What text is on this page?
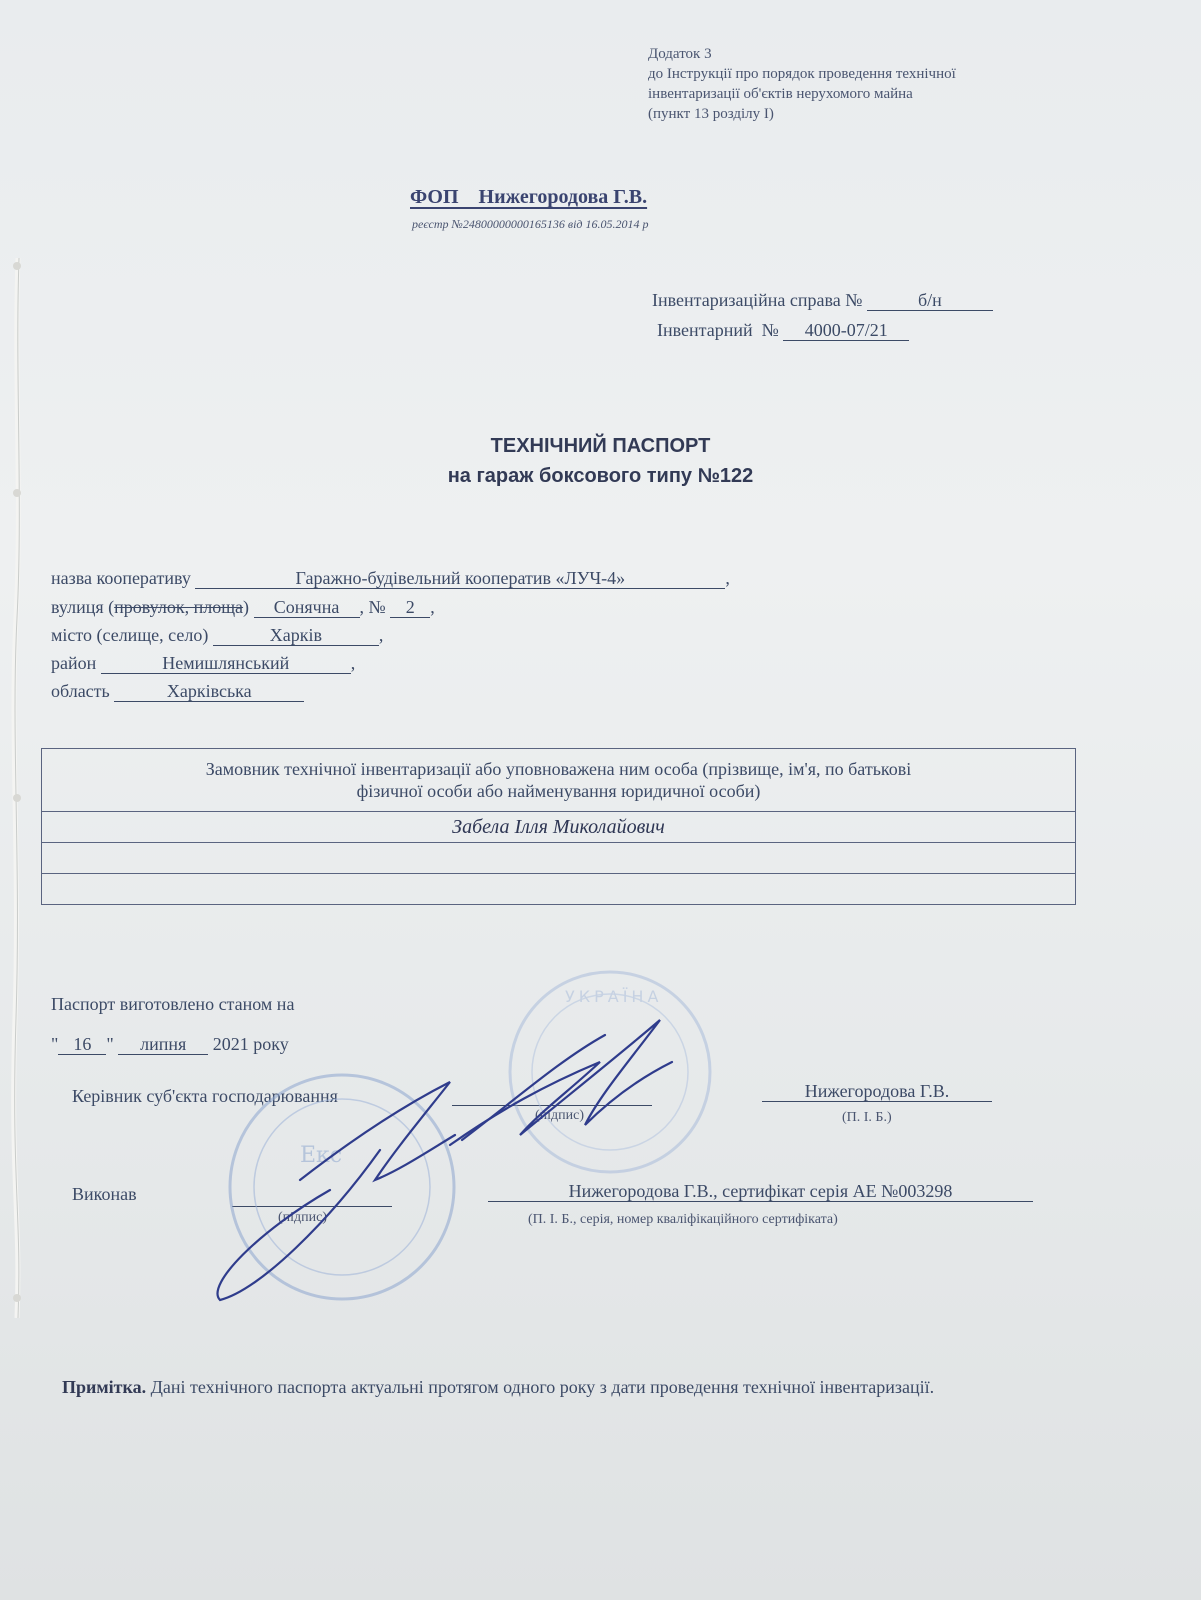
Додаток 3
до Інструкції про порядок проведення технічної
інвентаризації об'єктів нерухомого майна
(пункт 13 розділу І)
ФОП    Нижегородова Г.В.
реєстр №24800000000165136 від 16.05.2014 р
Інвентаризаційна справа №	б/н
Інвентарний  № 4000-07/21
ТЕХНІЧНИЙ ПАСПОРТ
на гараж боксового типу №122
назва кооперативу	Гаражно-будівельний кооператив «ЛУЧ-4»	,
вулиця (провулок, площа) Сонячна , № 2 ,
місто (селище, село)	Харків	,
район	Немишлянський	,
область	Харківська
Замовник технічної інвентаризації або уповноважена ним особа (прізвище, ім'я, по батькові
фізичної особи або найменування юридичної особи)

Забела Ілля Миколайович

Паспорт виготовлено станом на
" 16 " липня 2021 року
Керівник суб'єкта господарювання
(підпис)
Нижегородова Г.В.
(П. І. Б.)
Виконав
(підпис)
Нижегородова Г.В., сертифікат серія АЕ №003298
(П. І. Б., серія, номер кваліфікаційного сертифіката)
Примітка. Дані технічного паспорта актуальні протягом одного року з дати проведення технічної інвентаризації.
Екс
УКРАЇНА
